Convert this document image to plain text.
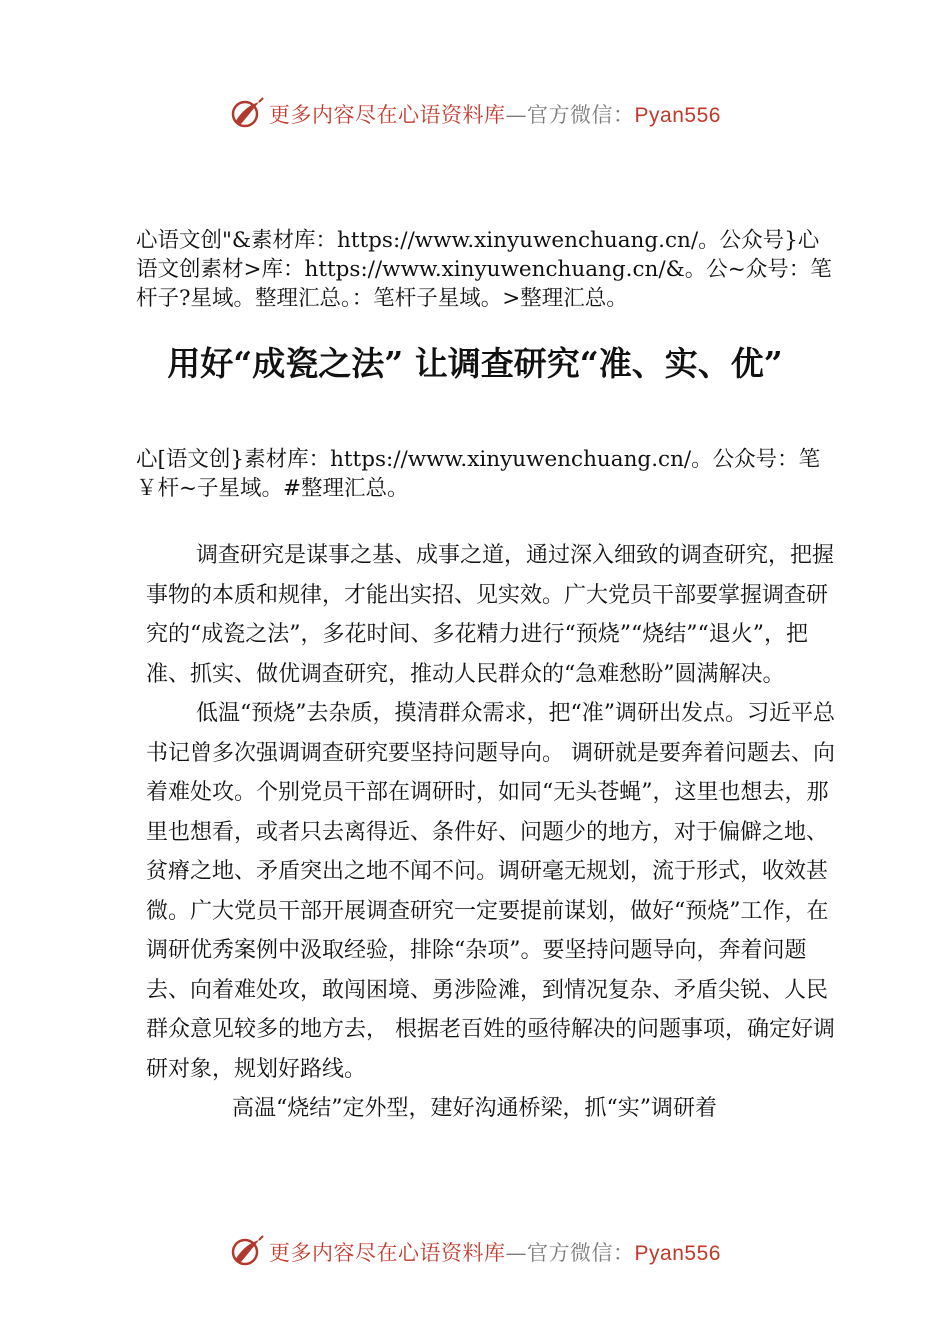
更多内容尽在心语资料库—官方微信：Pyan556
心语文创"&素材库：https://www.xinyuwenchuang.cn/。公众号}心语文创素材>库：https://www.xinyuwenchuang.cn/&。公~众号：笔杆子?星域。整理汇总。：笔杆子星域。>整理汇总。
用好“成瓷之法” 让调查研究“准、实、优”
心[语文创}素材库：https://www.xinyuwenchuang.cn/。公众号：笔￥杆~子星域。#整理汇总。

调查研究是谋事之基、成事之道，通过深入细致的调查研究，把握事物的本质和规律，才能出实招、见实效。广大党员干部要掌握调查研究的“成瓷之法”，多花时间、多花精力进行“预烧”“烧结”“退火”，把准、抓实、做优调查研究，推动人民群众的“急难愁盼”圆满解决。

低温“预烧”去杂质，摸清群众需求，把“准”调研出发点。习近平总书记曾多次强调调查研究要坚持问题导向。 调研就是要奔着问题去、向着难处攻。个别党员干部在调研时，如同“无头苍蝇”，这里也想去，那里也想看，或者只去离得近、条件好、问题少的地方，对于偏僻之地、贫瘠之地、矛盾突出之地不闻不问。调研毫无规划，流于形式，收效甚微。广大党员干部开展调查研究一定要提前谋划，做好“预烧”工作，在调研优秀案例中汲取经验，排除“杂项”。要坚持问题导向，奔着问题去、向着难处攻，敢闯困境、勇涉险滩，到情况复杂、矛盾尖锐、人民群众意见较多的地方去， 根据老百姓的亟待解决的问题事项，确定好调研对象，规划好路线。

高温“烧结”定外型，建好沟通桥梁，抓“实”调研着

更多内容尽在心语资料库—官方微信：Pyan556
